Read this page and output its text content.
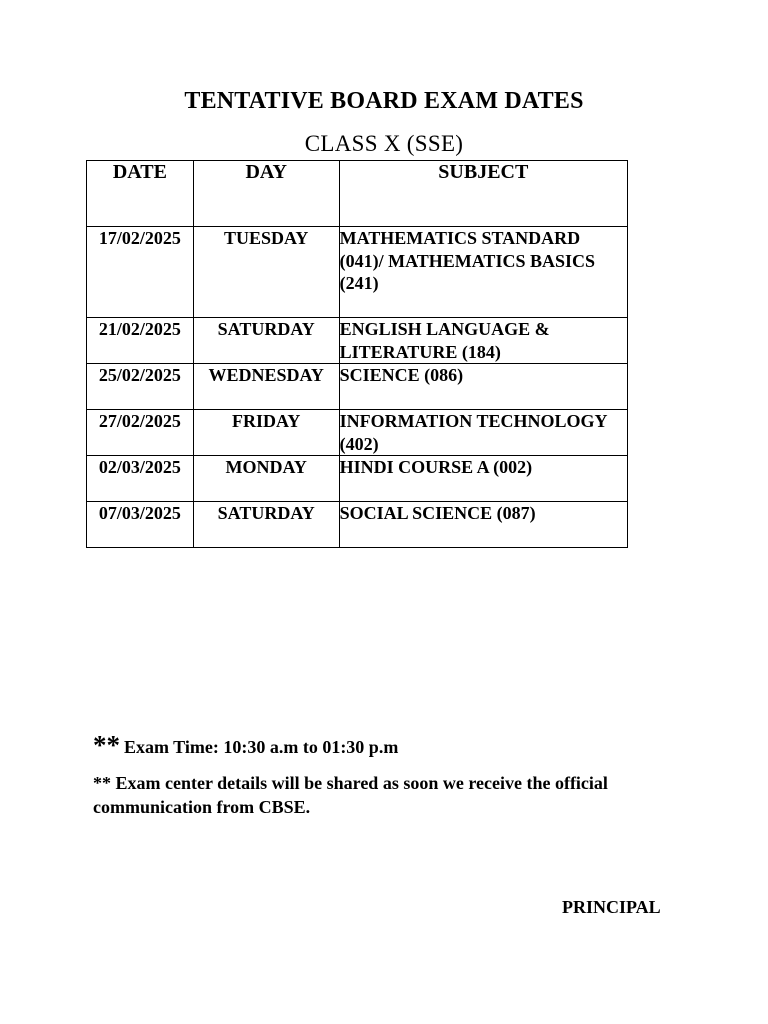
TENTATIVE BOARD EXAM DATES
CLASS X (SSE)
DATE	DAY	SUBJECT
17/02/2025	TUESDAY	MATHEMATICS STANDARD (041)/ MATHEMATICS BASICS (241)
21/02/2025	SATURDAY	ENGLISH LANGUAGE & LITERATURE (184)
25/02/2025	WEDNESDAY	SCIENCE (086)
27/02/2025	FRIDAY	INFORMATION TECHNOLOGY (402)
02/03/2025	MONDAY	HINDI COURSE A (002)
07/03/2025	SATURDAY	SOCIAL SCIENCE (087)
** Exam Time: 10:30 a.m to 01:30 p.m
** Exam center details will be shared as soon we receive the official communication from CBSE.
PRINCIPAL
